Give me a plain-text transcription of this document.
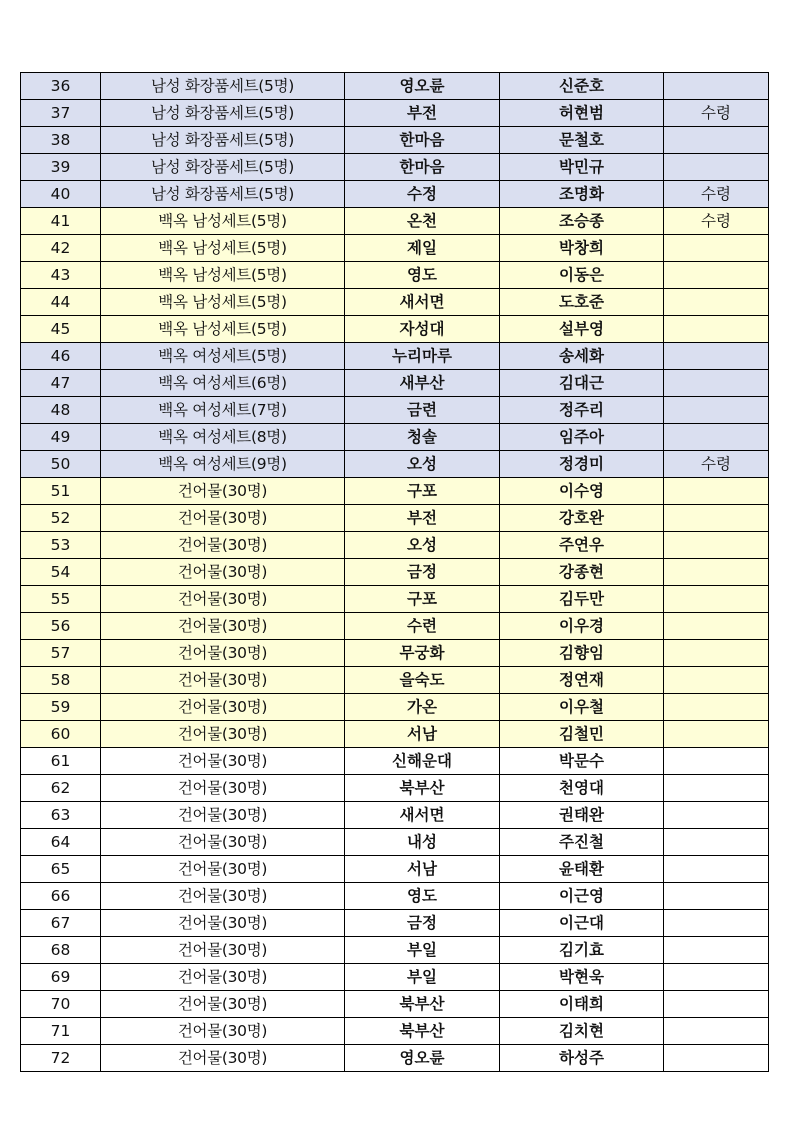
36	남성 화장품세트(5명)	영오륜	신준호	
37	남성 화장품세트(5명)	부전	허현범	수령
38	남성 화장품세트(5명)	한마음	문철호	
39	남성 화장품세트(5명)	한마음	박민규	
40	남성 화장품세트(5명)	수정	조명화	수령
41	백옥 남성세트(5명)	온천	조승종	수령
42	백옥 남성세트(5명)	제일	박창희	
43	백옥 남성세트(5명)	영도	이동은	
44	백옥 남성세트(5명)	새서면	도호준	
45	백옥 남성세트(5명)	자성대	설부영	
46	백옥 여성세트(5명)	누리마루	송세화	
47	백옥 여성세트(6명)	새부산	김대근	
48	백옥 여성세트(7명)	금련	정주리	
49	백옥 여성세트(8명)	청솔	임주아	
50	백옥 여성세트(9명)	오성	정경미	수령
51	건어물(30명)	구포	이수영	
52	건어물(30명)	부전	강호완	
53	건어물(30명)	오성	주연우	
54	건어물(30명)	금정	강종현	
55	건어물(30명)	구포	김두만	
56	건어물(30명)	수련	이우경	
57	건어물(30명)	무궁화	김향임	
58	건어물(30명)	을숙도	정연재	
59	건어물(30명)	가온	이우철	
60	건어물(30명)	서남	김철민	
61	건어물(30명)	신해운대	박문수	
62	건어물(30명)	북부산	천영대	
63	건어물(30명)	새서면	권태완	
64	건어물(30명)	내성	주진철	
65	건어물(30명)	서남	윤태환	
66	건어물(30명)	영도	이근영	
67	건어물(30명)	금정	이근대	
68	건어물(30명)	부일	김기효	
69	건어물(30명)	부일	박현욱	
70	건어물(30명)	북부산	이태희	
71	건어물(30명)	북부산	김치현	
72	건어물(30명)	영오륜	하성주	
